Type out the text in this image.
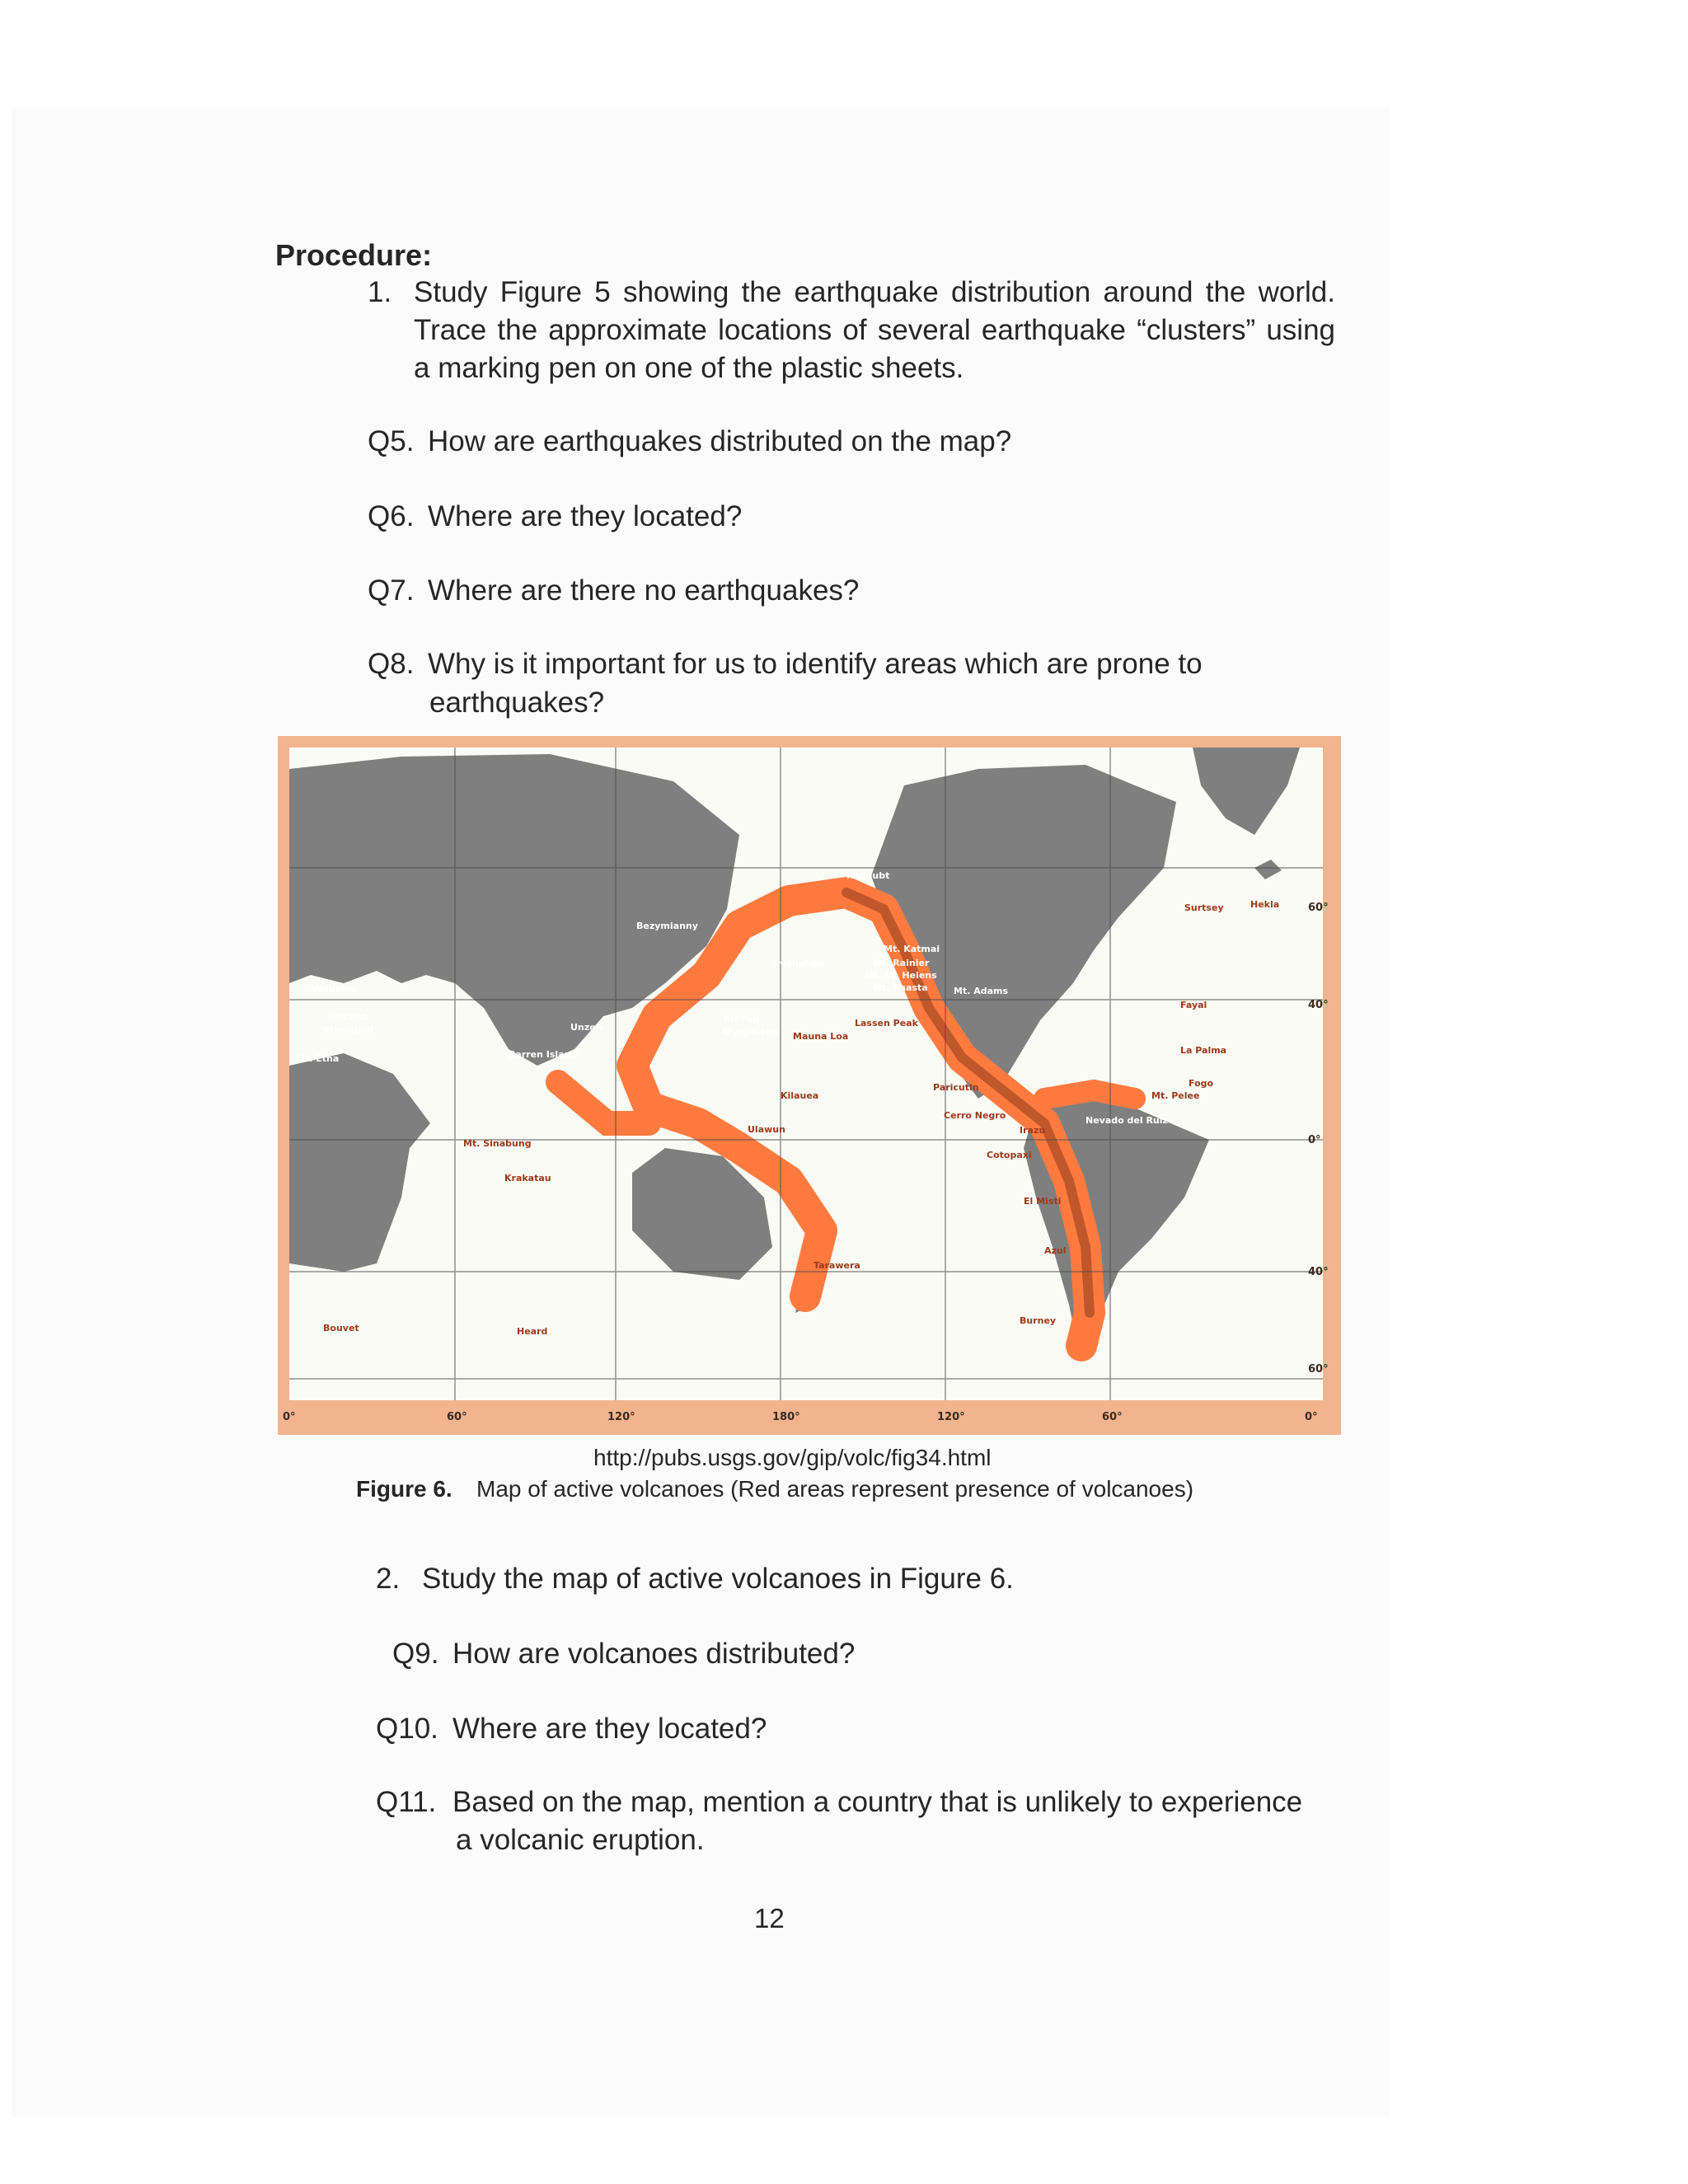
Procedure:
1. Study Figure 5 showing the earthquake distribution around the world. Trace the approximate locations of several earthquake “clusters” using a marking pen on one of the plastic sheets.

Q5. How are earthquakes distributed on the map?
Q6. Where are they located?
Q7. Where are there no earthquakes?
Q8. Why is it important for us to identify areas which are prone to
earthquakes?
Redoubt
Bezymianny
Mt. Katmai
Shishaldin	Mt. Rainier
Mt. St. Helens
Mt. Shasta	Mt. Adams
Lassen Peak
Mt Fuji
Myojin-sho Mauna Loa
Kilauea
Ulawun
Tarawera
Unzen
Barren Island
Mt. Sinabung
Krakatau
Vesuvius
Vulcano
Stromboli
Mt. Etna
Bouvet	Heard
Paricutin
Cerro Negro
Irazu
Nevado del Ruiz
Cotopaxi
El Misti
Azul
Burney
Surtsey	Hekla
Fayal
La Palma
Fogo
Mt. Pelee
0°	60°	120°	180°	120°	60°	0°
60°
40°
0°
40°
60°
http://pubs.usgs.gov/gip/volc/fig34.html
Figure 6. Map of active volcanoes (Red areas represent presence of volcanoes)
2. Study the map of active volcanoes in Figure 6.
Q9. How are volcanoes distributed?
Q10. Where are they located?
Q11. Based on the map, mention a country that is unlikely to experience
a volcanic eruption.
12
